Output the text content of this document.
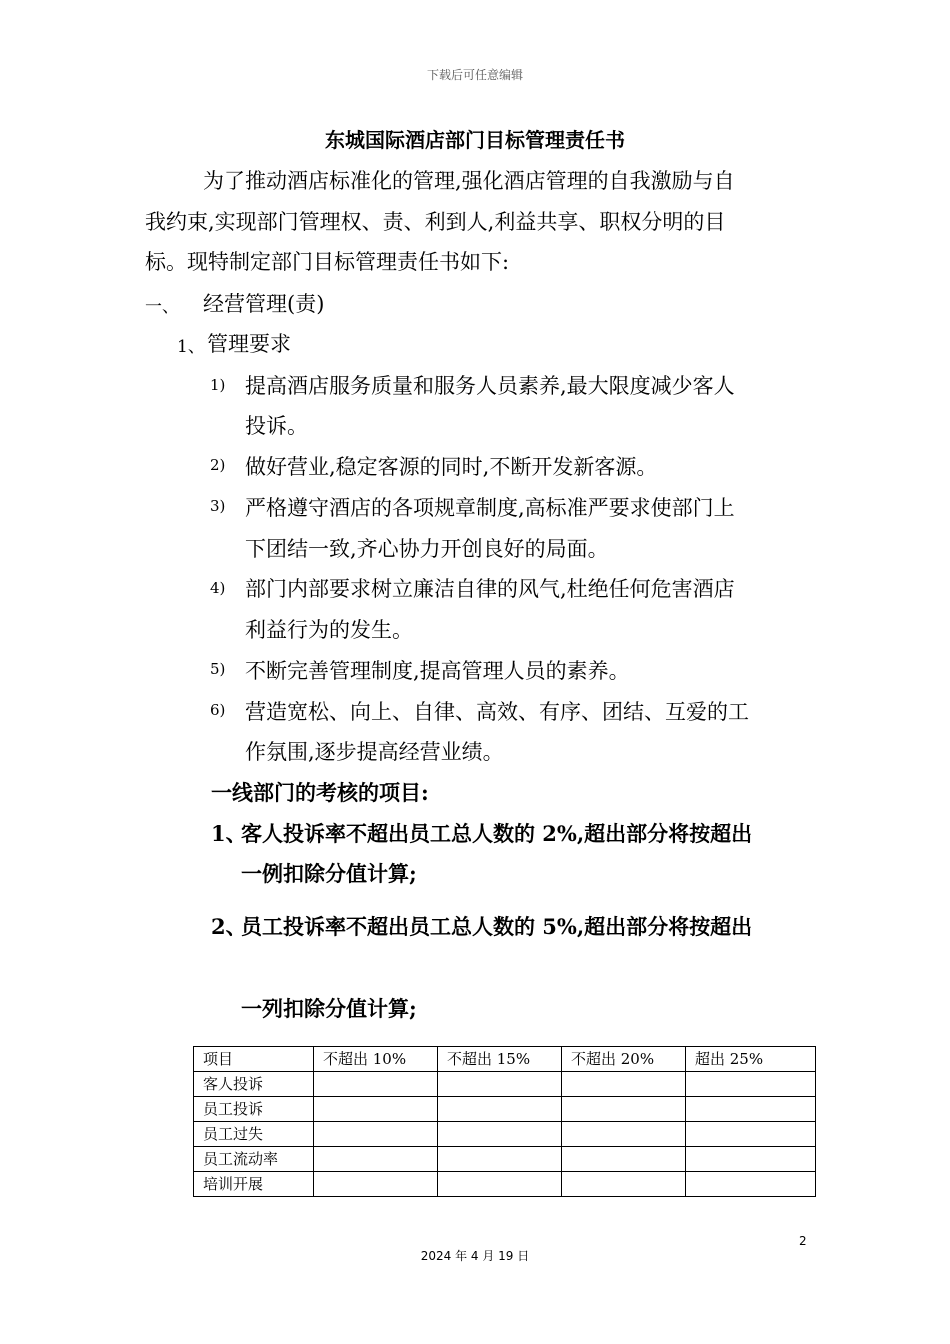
下载后可任意编辑
东城国际酒店部门目标管理责任书
为了推动酒店标准化的管理,强化酒店管理的自我激励与自
我约束,实现部门管理权、责、利到人,利益共享、职权分明的目
标。现特制定部门目标管理责任书如下:
一、 经营管理(责)
1、 管理要求
1) 提高酒店服务质量和服务人员素养,最大限度减少客人
投诉。
2) 做好营业,稳定客源的同时,不断开发新客源。
3) 严格遵守酒店的各项规章制度,高标准严要求使部门上
下团结一致,齐心协力开创良好的局面。
4) 部门内部要求树立廉洁自律的风气,杜绝任何危害酒店
利益行为的发生。
5) 不断完善管理制度,提高管理人员的素养。
6) 营造宽松、向上、自律、高效、有序、团结、互爱的工
作氛围,逐步提高经营业绩。
一线部门的考核的项目:
1、
客人投诉率不超出员工总人数的 2%,超出部分将按超出
一例扣除分值计算;
2、
员工投诉率不超出员工总人数的 5%,超出部分将按超出
一列扣除分值计算;
项目	不超出 10%	不超出 15%	不超出 20%	超出 25%
客人投诉				
员工投诉				
员工过失				
员工流动率				
培训开展				
2
2024 年 4 月 19 日
